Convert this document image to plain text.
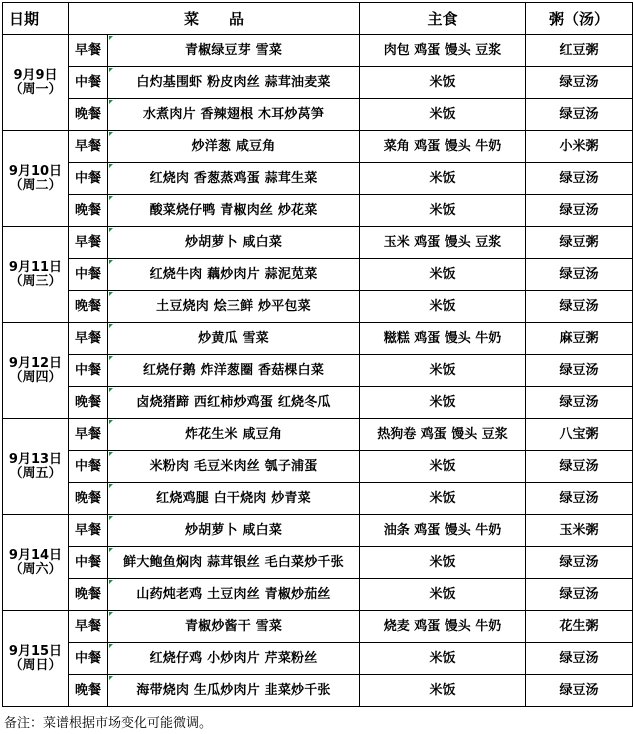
日期	菜　　品		主食	粥（汤）

9月9日
（周一）	早餐	青椒绿豆芽 雪菜	肉包 鸡蛋 馒头 豆浆	红豆粥
	中餐	白灼基围虾 粉皮肉丝 蒜茸油麦菜	米饭	绿豆汤
	晚餐	水煮肉片 香辣翅根 木耳炒莴笋	米饭	绿豆汤

9月10日
（周二）	早餐	炒洋葱 咸豆角	菜角 鸡蛋 馒头 牛奶	小米粥
	中餐	红烧肉 香葱蒸鸡蛋 蒜茸生菜	米饭	绿豆汤
	晚餐	酸菜烧仔鸭 青椒肉丝 炒花菜	米饭	绿豆汤

9月11日
（周三）	早餐	炒胡萝卜 咸白菜	玉米 鸡蛋 馒头 豆浆	绿豆粥
	中餐	红烧牛肉 藕炒肉片 蒜泥苋菜	米饭	绿豆汤
	晚餐	土豆烧肉 烩三鲜 炒平包菜	米饭	绿豆汤

9月12日
（周四）	早餐	炒黄瓜 雪菜	糍糕 鸡蛋 馒头 牛奶	麻豆粥
	中餐	红烧仔鹅 炸洋葱圈 香菇棵白菜	米饭	绿豆汤
	晚餐	卤烧猪蹄 西红柿炒鸡蛋 红烧冬瓜	米饭	绿豆汤

9月13日
（周五）	早餐	炸花生米 咸豆角	热狗卷 鸡蛋 馒头 豆浆	八宝粥
	中餐	米粉肉 毛豆米肉丝 瓠子浦蛋	米饭	绿豆汤
	晚餐	红烧鸡腿 白干烧肉 炒青菜	米饭	绿豆汤

9月14日
（周六）	早餐	炒胡萝卜 咸白菜	油条 鸡蛋 馒头 牛奶	玉米粥
	中餐	鲜大鲍鱼焖肉 蒜茸银丝 毛白菜炒千张	米饭	绿豆汤
	晚餐	山药炖老鸡 土豆肉丝 青椒炒茄丝	米饭	绿豆汤

9月15日
（周日）	早餐	青椒炒酱干 雪菜	烧麦 鸡蛋 馒头 牛奶	花生粥
	中餐	红烧仔鸡 小炒肉片 芹菜粉丝	米饭	绿豆汤
	晚餐	海带烧肉 生瓜炒肉片 韭菜炒千张	米饭	绿豆汤
备注：菜谱根据市场变化可能微调。
